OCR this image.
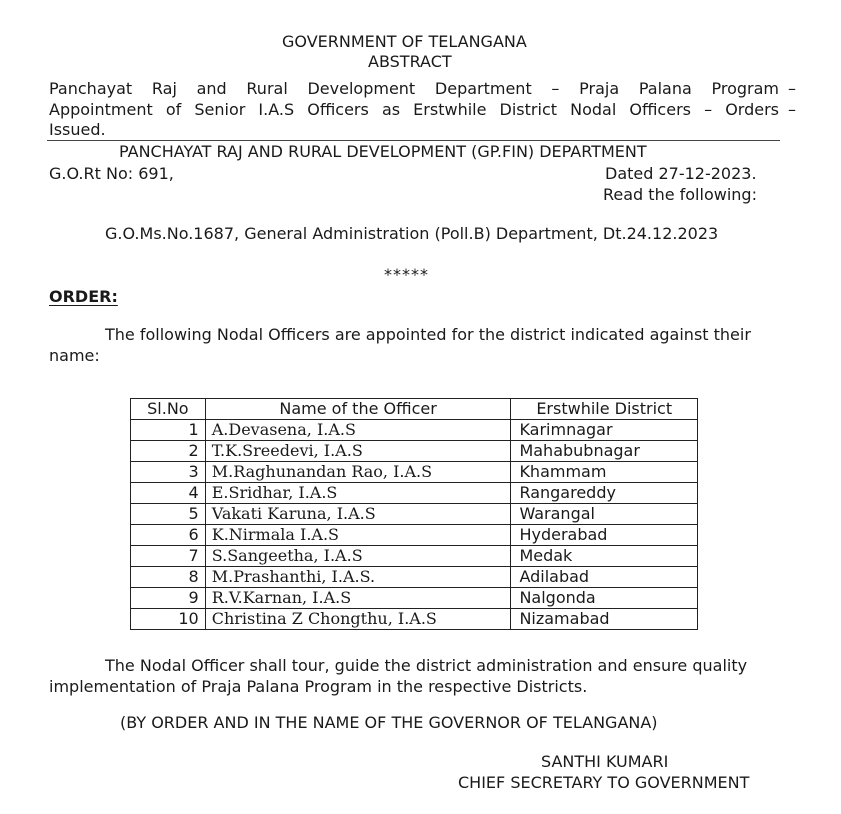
GOVERNMENT OF TELANGANA
ABSTRACT
Panchayat Raj and Rural Development Department – Praja Palana Program –
Appointment of Senior I.A.S Officers as Erstwhile District Nodal Officers – Orders –
Issued.
PANCHAYAT RAJ AND RURAL DEVELOPMENT (GP.FIN) DEPARTMENT
G.O.Rt No: 691,	Dated 27-12-2023.
Read the following:
G.O.Ms.No.1687, General Administration (Poll.B) Department, Dt.24.12.2023
*****
ORDER:
The following Nodal Officers are appointed for the district indicated against their
name:
Sl.No	Name of the Officer	Erstwhile District
1	A.Devasena, I.A.S	Karimnagar
2	T.K.Sreedevi, I.A.S	Mahabubnagar
3	M.Raghunandan Rao, I.A.S	Khammam
4	E.Sridhar, I.A.S	Rangareddy
5	Vakati Karuna, I.A.S	Warangal
6	K.Nirmala I.A.S	Hyderabad
7	S.Sangeetha, I.A.S	Medak
8	M.Prashanthi, I.A.S.	Adilabad
9	R.V.Karnan, I.A.S	Nalgonda
10	Christina Z Chongthu, I.A.S	Nizamabad
The Nodal Officer shall tour, guide the district administration and ensure quality
implementation of Praja Palana Program in the respective Districts.
(BY ORDER AND IN THE NAME OF THE GOVERNOR OF TELANGANA)
SANTHI KUMARI
CHIEF SECRETARY TO GOVERNMENT
